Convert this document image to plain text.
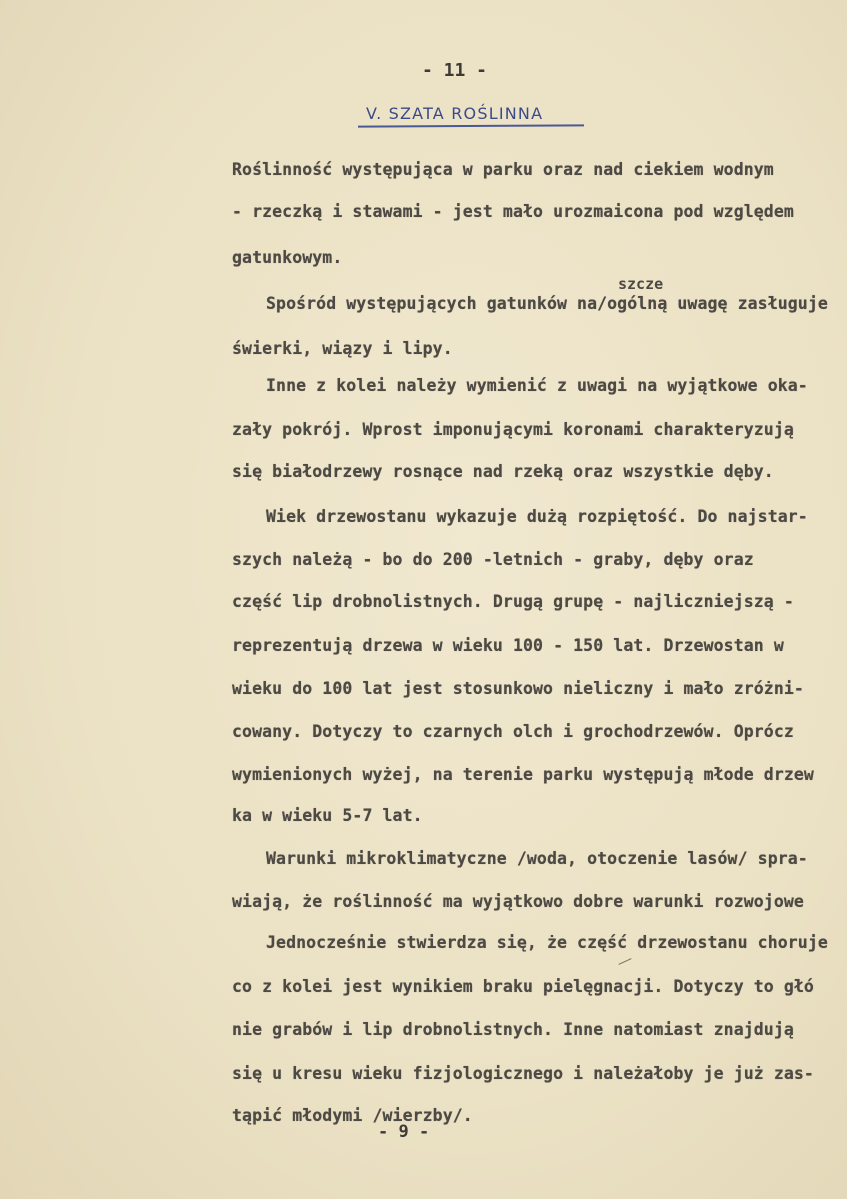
- 11 -
V. SZATA ROŚLINNA
szcze
Roślinność występująca w parku oraz nad ciekiem wodnym
- rzeczką i stawami - jest mało urozmaicona pod względem
gatunkowym.
Spośród występujących gatunków na/ogólną uwagę zasługuje
świerki, wiązy i lipy.
Inne z kolei należy wymienić z uwagi na wyjątkowe oka-
zały pokrój. Wprost imponującymi koronami charakteryzują
się białodrzewy rosnące nad rzeką oraz wszystkie dęby.
Wiek drzewostanu wykazuje dużą rozpiętość. Do najstar-
szych należą - bo do 200 -letnich - graby, dęby oraz
część lip drobnolistnych. Drugą grupę - najliczniejszą -
reprezentują drzewa w wieku 100 - 150 lat. Drzewostan w
wieku do 100 lat jest stosunkowo nieliczny i mało zróżni-
cowany. Dotyczy to czarnych olch i grochodrzewów. Oprócz
wymienionych wyżej, na terenie parku występują młode drzew
ka w wieku 5-7 lat.
Warunki mikroklimatyczne /woda, otoczenie lasów/ spra-
wiają, że roślinność ma wyjątkowo dobre warunki rozwojowe
Jednocześnie stwierdza się, że część drzewostanu choruje
co z kolei jest wynikiem braku pielęgnacji. Dotyczy to głó
nie grabów i lip drobnolistnych. Inne natomiast znajdują
się u kresu wieku fizjologicznego i należałoby je już zas-
tąpić młodymi /wierzby/.
- 9 -
